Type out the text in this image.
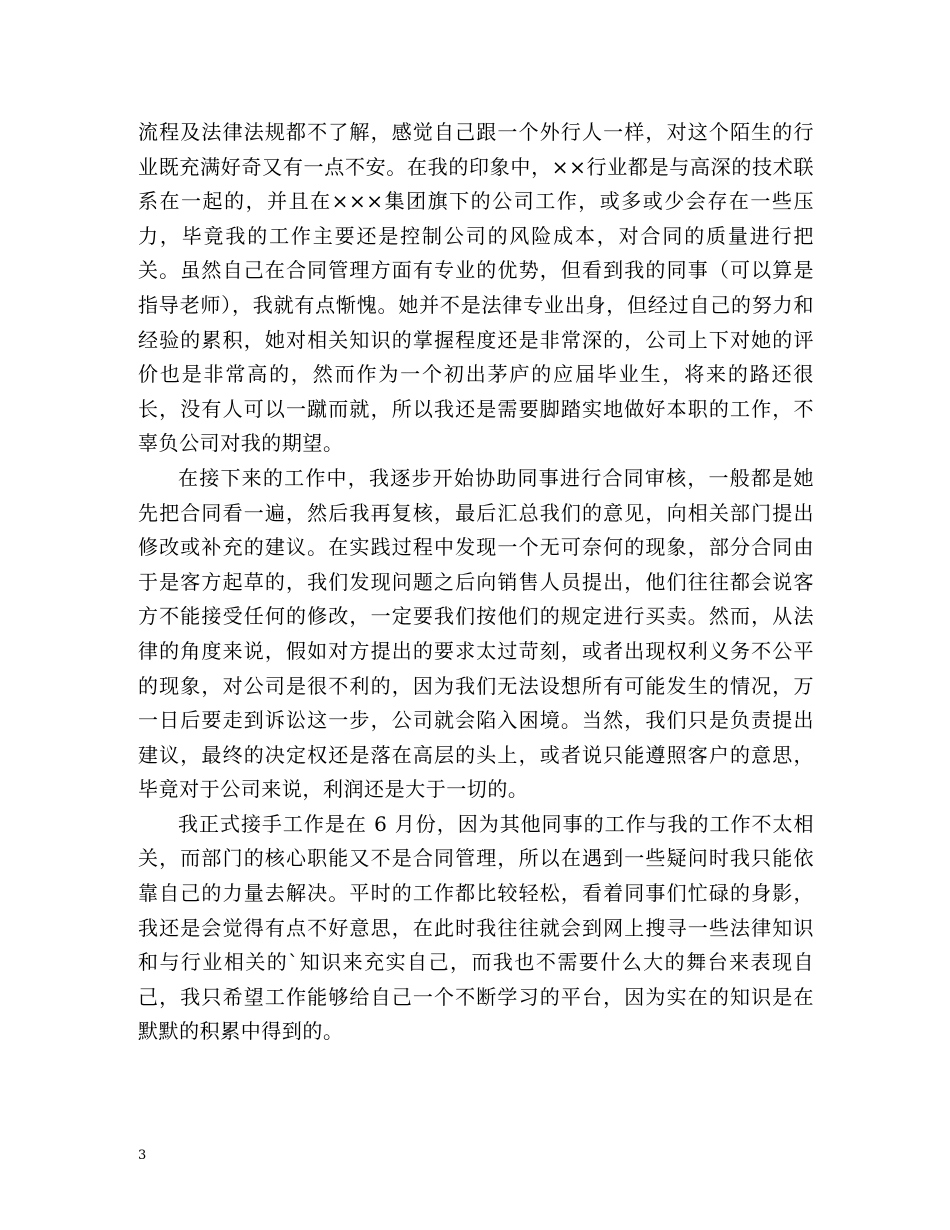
流程及法律法规都不了解，感觉自己跟一个外行人一样，对这个陌生的行业既充满好奇又有一点不安。在我的印象中，××行业都是与高深的技术联系在一起的，并且在×××集团旗下的公司工作，或多或少会存在一些压力，毕竟我的工作主要还是控制公司的风险成本，对合同的质量进行把关。虽然自己在合同管理方面有专业的优势，但看到我的同事（可以算是指导老师），我就有点惭愧。她并不是法律专业出身，但经过自己的努力和经验的累积，她对相关知识的掌握程度还是非常深的，公司上下对她的评价也是非常高的，然而作为一个初出茅庐的应届毕业生，将来的路还很长，没有人可以一蹴而就，所以我还是需要脚踏实地做好本职的工作，不辜负公司对我的期望。

在接下来的工作中，我逐步开始协助同事进行合同审核，一般都是她先把合同看一遍，然后我再复核，最后汇总我们的意见，向相关部门提出修改或补充的建议。在实践过程中发现一个无可奈何的现象，部分合同由于是客方起草的，我们发现问题之后向销售人员提出，他们往往都会说客方不能接受任何的修改，一定要我们按他们的规定进行买卖。然而，从法律的角度来说，假如对方提出的要求太过苛刻，或者出现权利义务不公平的现象，对公司是很不利的，因为我们无法设想所有可能发生的情况，万一日后要走到诉讼这一步，公司就会陷入困境。当然，我们只是负责提出建议，最终的决定权还是落在高层的头上，或者说只能遵照客户的意思，毕竟对于公司来说，利润还是大于一切的。

我正式接手工作是在 6 月份，因为其他同事的工作与我的工作不太相关，而部门的核心职能又不是合同管理，所以在遇到一些疑问时我只能依靠自己的力量去解决。平时的工作都比较轻松，看着同事们忙碌的身影，我还是会觉得有点不好意思，在此时我往往就会到网上搜寻一些法律知识和与行业相关的`知识来充实自己，而我也不需要什么大的舞台来表现自己，我只希望工作能够给自己一个不断学习的平台，因为实在的知识是在默默的积累中得到的。

3
